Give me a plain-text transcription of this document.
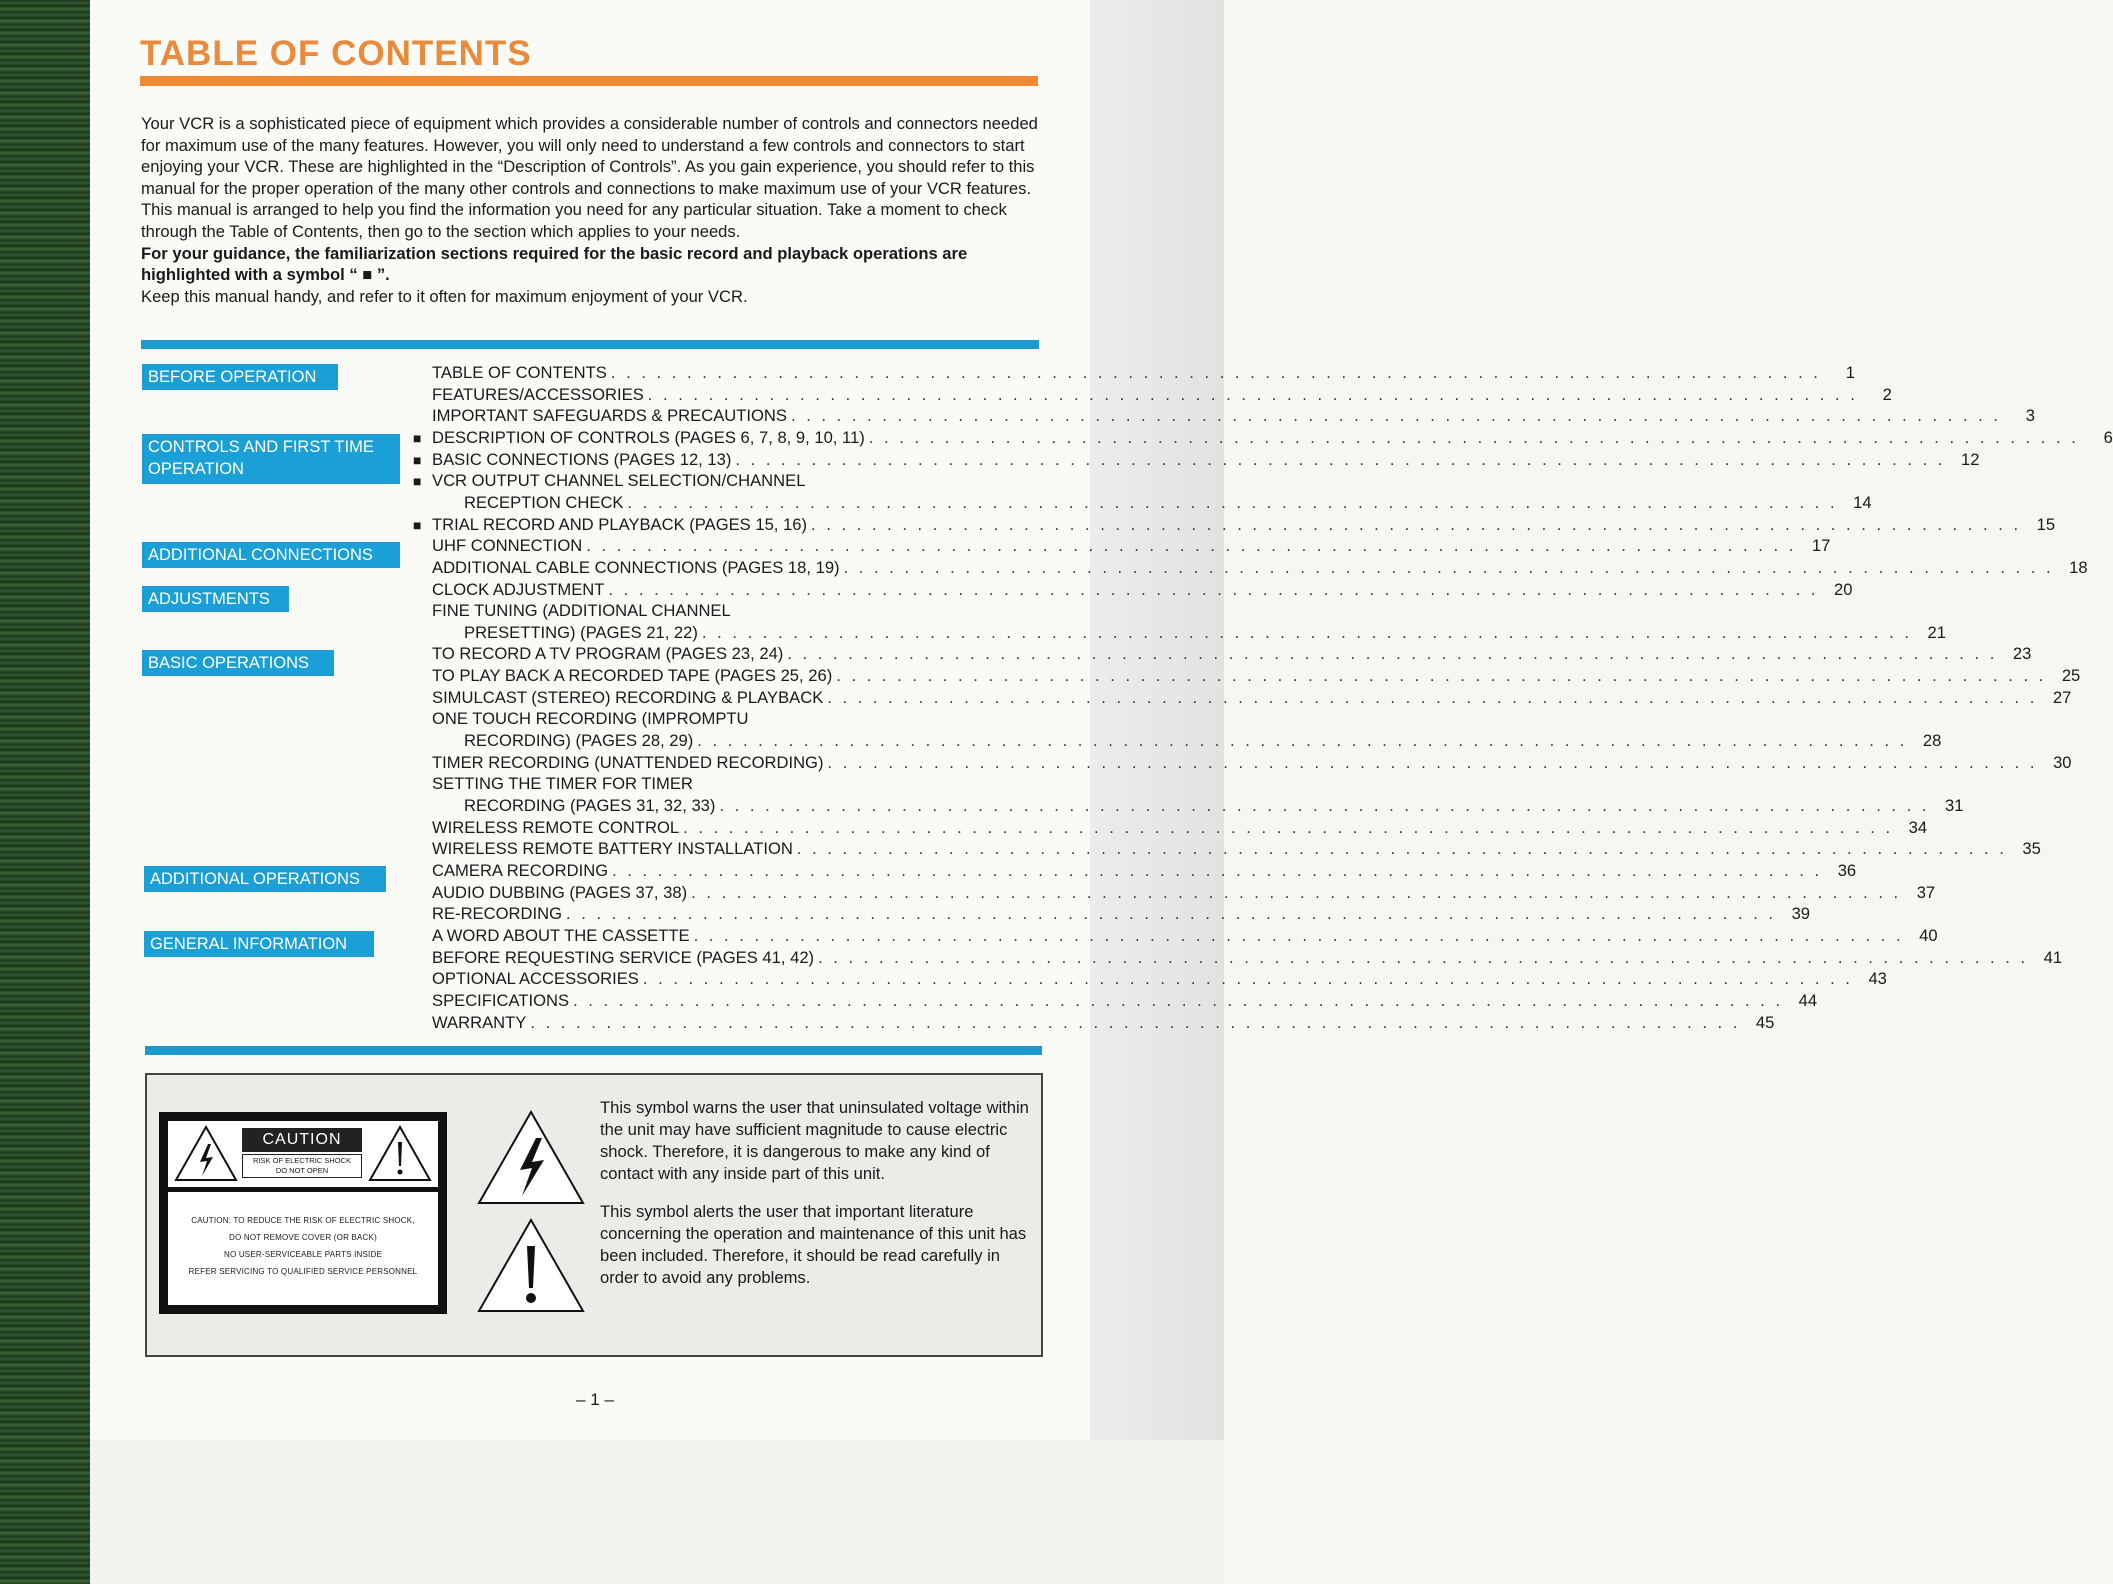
TABLE OF CONTENTS

Your VCR is a sophisticated piece of equipment which provides a considerable number of controls and connectors needed for maximum use of the many features. However, you will only need to understand a few controls and connectors to start enjoying your VCR. These are highlighted in the “Description of Controls”. As you gain experience, you should refer to this manual for the proper operation of the many other controls and connections to make maximum use of your VCR features.

This manual is arranged to help you find the information you need for any particular situation. Take a moment to check through the Table of Contents, then go to the section which applies to your needs.

For your guidance, the familiarization sections required for the basic record and playback operations are highlighted with a symbol “ ■ ”.

Keep this manual handy, and refer to it often for maximum enjoyment of your VCR.

BEFORE OPERATION
CONTROLS AND FIRST TIME OPERATION
ADDITIONAL CONNECTIONS
ADJUSTMENTS
BASIC OPERATIONS
ADDITIONAL OPERATIONS
GENERAL INFORMATION
TABLE OF CONTENTS . . . . . . . . . . . . . . . . . . . . . . . . . . . . . . . . . . . . . . . . . . . . . . . . . . . . . . . . . . . . . . . . . . . . . . . . . . . . . . . .	1
FEATURES/ACCESSORIES . . . . . . . . . . . . . . . . . . . . . . . . . . . . . . . . . . . . . . . . . . . . . . . . . . . . . . . . . . . . . . . . . . . . . . . . . . . . . . . .	2
IMPORTANT SAFEGUARDS & PRECAUTIONS . . . . . . . . . . . . . . . . . . . . . . . . . . . . . . . . . . . . . . . . . . . . . . . . . . . . . . . . . . . . . . . . . . . . . . . . . . . . . . . .	3
■ DESCRIPTION OF CONTROLS (PAGES 6, 7, 8, 9, 10, 11) . . . . . . . . . . . . . . . . . . . . . . . . . . . . . . . . . . . . . . . . . . . . . . . . . . . . . . . . . . . . . . . . . . . . . . . . . . . . . . . .	6
■ BASIC CONNECTIONS (PAGES 12, 13) . . . . . . . . . . . . . . . . . . . . . . . . . . . . . . . . . . . . . . . . . . . . . . . . . . . . . . . . . . . . . . . . . . . . . . . . . . . . . . . . 12
■ VCR OUTPUT CHANNEL SELECTION/CHANNEL
RECEPTION CHECK . . . . . . . . . . . . . . . . . . . . . . . . . . . . . . . . . . . . . . . . . . . . . . . . . . . . . . . . . . . . . . . . . . . . . . . . . . . . . . . . 14
■ TRIAL RECORD AND PLAYBACK (PAGES 15, 16) . . . . . . . . . . . . . . . . . . . . . . . . . . . . . . . . . . . . . . . . . . . . . . . . . . . . . . . . . . . . . . . . . . . . . . . . . . . . . . . . 15
UHF CONNECTION . . . . . . . . . . . . . . . . . . . . . . . . . . . . . . . . . . . . . . . . . . . . . . . . . . . . . . . . . . . . . . . . . . . . . . . . . . . . . . . . 17
ADDITIONAL CABLE CONNECTIONS (PAGES 18, 19) . . . . . . . . . . . . . . . . . . . . . . . . . . . . . . . . . . . . . . . . . . . . . . . . . . . . . . . . . . . . . . . . . . . . . . . . . . . . . . . . 18
CLOCK ADJUSTMENT . . . . . . . . . . . . . . . . . . . . . . . . . . . . . . . . . . . . . . . . . . . . . . . . . . . . . . . . . . . . . . . . . . . . . . . . . . . . . . . . 20
FINE TUNING (ADDITIONAL CHANNEL
PRESETTING) (PAGES 21, 22) . . . . . . . . . . . . . . . . . . . . . . . . . . . . . . . . . . . . . . . . . . . . . . . . . . . . . . . . . . . . . . . . . . . . . . . . . . . . . . . . 21
TO RECORD A TV PROGRAM (PAGES 23, 24) . . . . . . . . . . . . . . . . . . . . . . . . . . . . . . . . . . . . . . . . . . . . . . . . . . . . . . . . . . . . . . . . . . . . . . . . . . . . . . . . 23
TO PLAY BACK A RECORDED TAPE (PAGES 25, 26) . . . . . . . . . . . . . . . . . . . . . . . . . . . . . . . . . . . . . . . . . . . . . . . . . . . . . . . . . . . . . . . . . . . . . . . . . . . . . . . . 25
SIMULCAST (STEREO) RECORDING & PLAYBACK . . . . . . . . . . . . . . . . . . . . . . . . . . . . . . . . . . . . . . . . . . . . . . . . . . . . . . . . . . . . . . . . . . . . . . . . . . . . . . . . 27
ONE TOUCH RECORDING (IMPROMPTU
RECORDING) (PAGES 28, 29) . . . . . . . . . . . . . . . . . . . . . . . . . . . . . . . . . . . . . . . . . . . . . . . . . . . . . . . . . . . . . . . . . . . . . . . . . . . . . . . . 28
TIMER RECORDING (UNATTENDED RECORDING) . . . . . . . . . . . . . . . . . . . . . . . . . . . . . . . . . . . . . . . . . . . . . . . . . . . . . . . . . . . . . . . . . . . . . . . . . . . . . . . . 30
SETTING THE TIMER FOR TIMER
RECORDING (PAGES 31, 32, 33) . . . . . . . . . . . . . . . . . . . . . . . . . . . . . . . . . . . . . . . . . . . . . . . . . . . . . . . . . . . . . . . . . . . . . . . . . . . . . . . . 31
WIRELESS REMOTE CONTROL . . . . . . . . . . . . . . . . . . . . . . . . . . . . . . . . . . . . . . . . . . . . . . . . . . . . . . . . . . . . . . . . . . . . . . . . . . . . . . . . 34
WIRELESS REMOTE BATTERY INSTALLATION . . . . . . . . . . . . . . . . . . . . . . . . . . . . . . . . . . . . . . . . . . . . . . . . . . . . . . . . . . . . . . . . . . . . . . . . . . . . . . . . 35
CAMERA RECORDING . . . . . . . . . . . . . . . . . . . . . . . . . . . . . . . . . . . . . . . . . . . . . . . . . . . . . . . . . . . . . . . . . . . . . . . . . . . . . . . . 36
AUDIO DUBBING (PAGES 37, 38) . . . . . . . . . . . . . . . . . . . . . . . . . . . . . . . . . . . . . . . . . . . . . . . . . . . . . . . . . . . . . . . . . . . . . . . . . . . . . . . . 37
RE-RECORDING . . . . . . . . . . . . . . . . . . . . . . . . . . . . . . . . . . . . . . . . . . . . . . . . . . . . . . . . . . . . . . . . . . . . . . . . . . . . . . . . 39
A WORD ABOUT THE CASSETTE . . . . . . . . . . . . . . . . . . . . . . . . . . . . . . . . . . . . . . . . . . . . . . . . . . . . . . . . . . . . . . . . . . . . . . . . . . . . . . . . 40
BEFORE REQUESTING SERVICE (PAGES 41, 42) . . . . . . . . . . . . . . . . . . . . . . . . . . . . . . . . . . . . . . . . . . . . . . . . . . . . . . . . . . . . . . . . . . . . . . . . . . . . . . . . 41
OPTIONAL ACCESSORIES . . . . . . . . . . . . . . . . . . . . . . . . . . . . . . . . . . . . . . . . . . . . . . . . . . . . . . . . . . . . . . . . . . . . . . . . . . . . . . . . 43
SPECIFICATIONS . . . . . . . . . . . . . . . . . . . . . . . . . . . . . . . . . . . . . . . . . . . . . . . . . . . . . . . . . . . . . . . . . . . . . . . . . . . . . . . . 44
WARRANTY . . . . . . . . . . . . . . . . . . . . . . . . . . . . . . . . . . . . . . . . . . . . . . . . . . . . . . . . . . . . . . . . . . . . . . . . . . . . . . . . 45
CAUTION
RISK OF ELECTRIC SHOCK
DO NOT OPEN
CAUTION: TO REDUCE THE RISK OF ELECTRIC SHOCK,
DO NOT REMOVE COVER (OR BACK)
NO USER-SERVICEABLE PARTS INSIDE
REFER SERVICING TO QUALIFIED SERVICE PERSONNEL
This symbol warns the user that uninsulated voltage within the unit may have sufficient magnitude to cause electric shock. Therefore, it is dangerous to make any kind of contact with any inside part of this unit.
This symbol alerts the user that important literature concerning the operation and maintenance of this unit has been included. Therefore, it should be read carefully in order to avoid any problems.
– 1 –
